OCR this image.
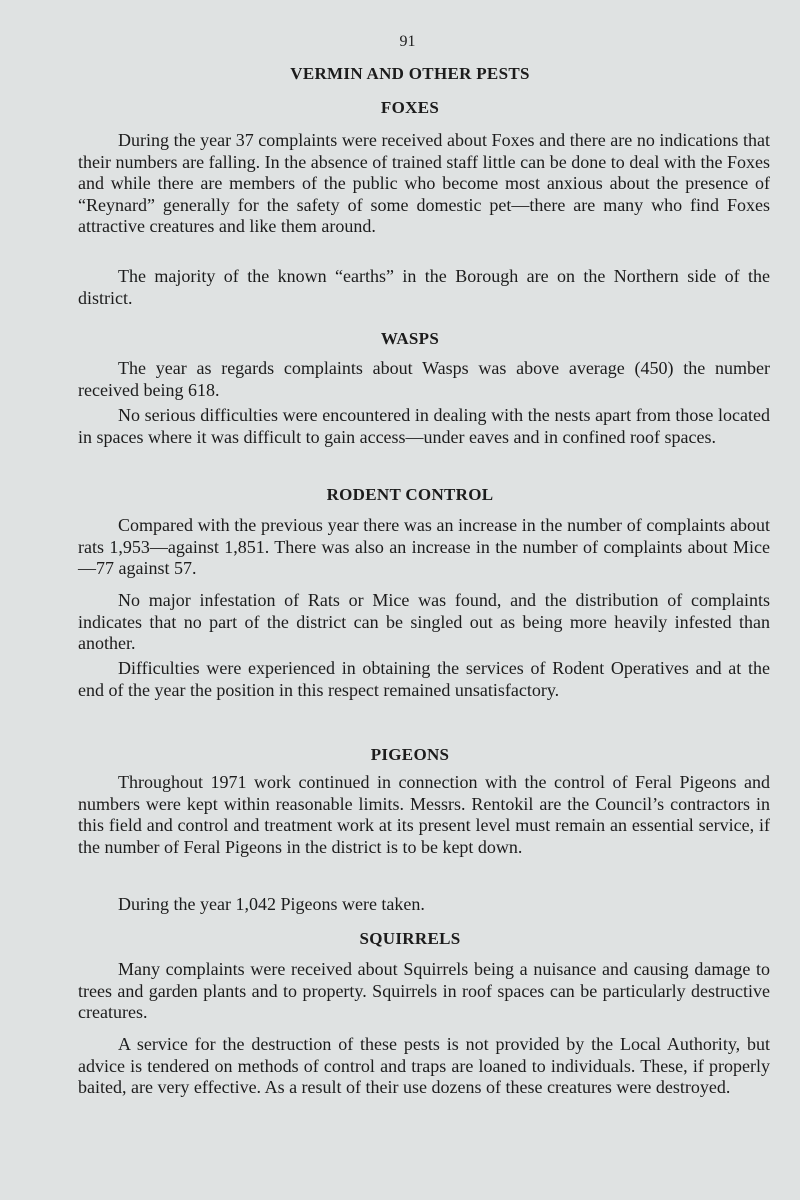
91
VERMIN AND OTHER PESTS
FOXES

During the year 37 complaints were received about Foxes and there are no indications that their numbers are falling. In the absence of trained staff little can be done to deal with the Foxes and while there are members of the public who become most anxious about the presence of “Reynard” generally for the safety of some domestic pet—there are many who find Foxes attractive creatures and like them around.

The majority of the known “earths” in the Borough are on the Northern side of the district.

WASPS

The year as regards complaints about Wasps was above average (450) the number received being 618.

No serious difficulties were encountered in dealing with the nests apart from those located in spaces where it was difficult to gain access—under eaves and in confined roof spaces.

RODENT CONTROL

Compared with the previous year there was an increase in the number of complaints about rats 1,953—against 1,851. There was also an increase in the number of complaints about Mice—77 against 57.

No major infestation of Rats or Mice was found, and the distribution of complaints indicates that no part of the district can be singled out as being more heavily infested than another.

Difficulties were experienced in obtaining the services of Rodent Operatives and at the end of the year the position in this respect remained unsatisfactory.

PIGEONS

Throughout 1971 work continued in connection with the control of Feral Pigeons and numbers were kept within reasonable limits. Messrs. Rentokil are the Council’s contractors in this field and control and treatment work at its present level must remain an essential service, if the number of Feral Pigeons in the district is to be kept down.

During the year 1,042 Pigeons were taken.

SQUIRRELS

Many complaints were received about Squirrels being a nuisance and causing damage to trees and garden plants and to property. Squirrels in roof spaces can be particularly destructive creatures.

A service for the destruction of these pests is not provided by the Local Authority, but advice is tendered on methods of control and traps are loaned to individuals. These, if properly baited, are very effective. As a result of their use dozens of these creatures were destroyed.
